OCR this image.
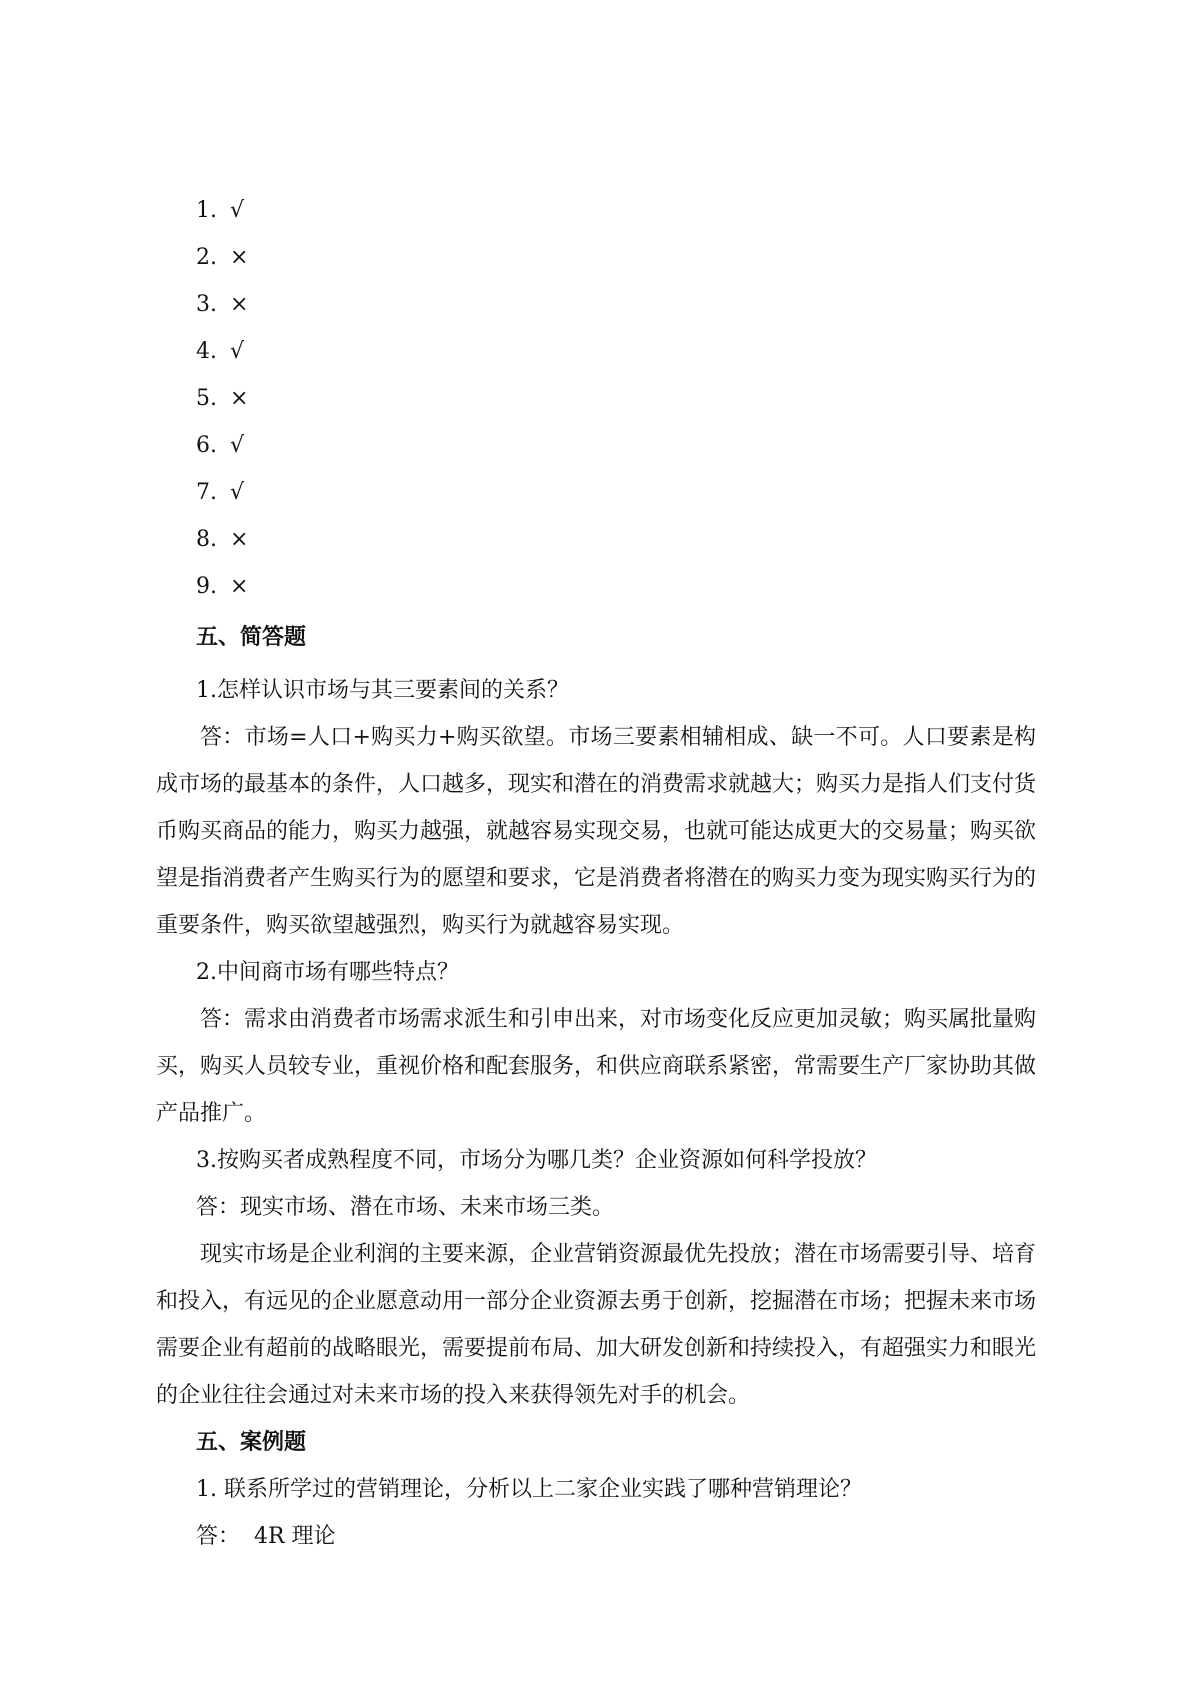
1. √
2. ×
3. ×
4. √
5. ×
6. √
7. √
8. ×
9. ×
五、简答题

1.怎样认识市场与其三要素间的关系？

答：市场=人口+购买力+购买欲望。市场三要素相辅相成、缺一不可。人口要素是构成市场的最基本的条件，人口越多，现实和潜在的消费需求就越大；购买力是指人们支付货币购买商品的能力，购买力越强，就越容易实现交易，也就可能达成更大的交易量；购买欲望是指消费者产生购买行为的愿望和要求，它是消费者将潜在的购买力变为现实购买行为的重要条件，购买欲望越强烈，购买行为就越容易实现。

2.中间商市场有哪些特点？

答：需求由消费者市场需求派生和引申出来，对市场变化反应更加灵敏；购买属批量购买，购买人员较专业，重视价格和配套服务，和供应商联系紧密，常需要生产厂家协助其做产品推广。

3.按购买者成熟程度不同，市场分为哪几类？企业资源如何科学投放？

答：现实市场、潜在市场、未来市场三类。

现实市场是企业利润的主要来源，企业营销资源最优先投放；潜在市场需要引导、培育和投入，有远见的企业愿意动用一部分企业资源去勇于创新，挖掘潜在市场；把握未来市场需要企业有超前的战略眼光，需要提前布局、加大研发创新和持续投入，有超强实力和眼光的企业往往会通过对未来市场的投入来获得领先对手的机会。

五、案例题

1. 联系所学过的营销理论，分析以上二家企业实践了哪种营销理论？

答：  4R 理论
